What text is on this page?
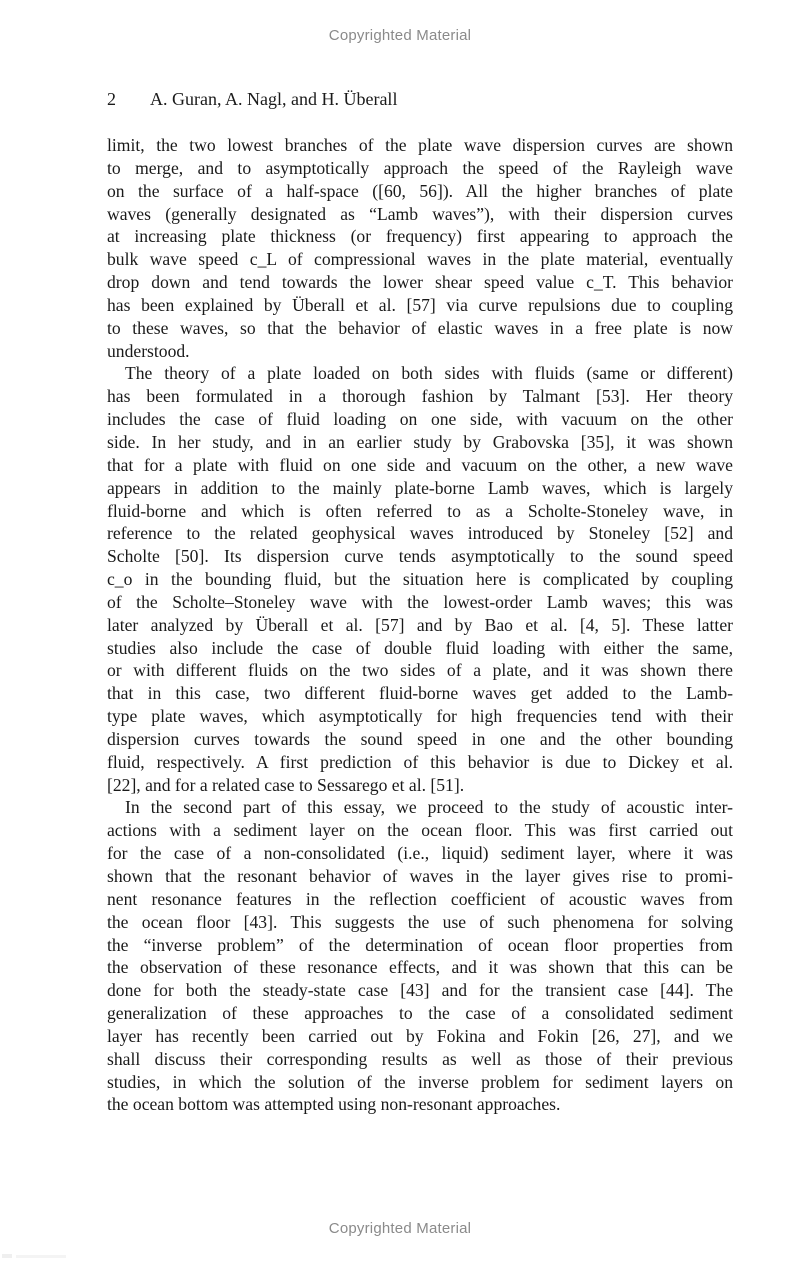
Copyrighted Material
2 A. Guran, A. Nagl, and H. Überall
limit, the two lowest branches of the plate wave dispersion curves are shown
to merge, and to asymptotically approach the speed of the Rayleigh wave
on the surface of a half-space ([60, 56]). All the higher branches of plate
waves (generally designated as “Lamb waves”), with their dispersion curves
at increasing plate thickness (or frequency) first appearing to approach the
bulk wave speed c_L of compressional waves in the plate material, eventually
drop down and tend towards the lower shear speed value c_T. This behavior
has been explained by Überall et al. [57] via curve repulsions due to coupling
to these waves, so that the behavior of elastic waves in a free plate is now
understood.
The theory of a plate loaded on both sides with fluids (same or different)
has been formulated in a thorough fashion by Talmant [53]. Her theory
includes the case of fluid loading on one side, with vacuum on the other
side. In her study, and in an earlier study by Grabovska [35], it was shown
that for a plate with fluid on one side and vacuum on the other, a new wave
appears in addition to the mainly plate-borne Lamb waves, which is largely
fluid-borne and which is often referred to as a Scholte-Stoneley wave, in
reference to the related geophysical waves introduced by Stoneley [52] and
Scholte [50]. Its dispersion curve tends asymptotically to the sound speed
c_o in the bounding fluid, but the situation here is complicated by coupling
of the Scholte–Stoneley wave with the lowest-order Lamb waves; this was
later analyzed by Überall et al. [57] and by Bao et al. [4, 5]. These latter
studies also include the case of double fluid loading with either the same,
or with different fluids on the two sides of a plate, and it was shown there
that in this case, two different fluid-borne waves get added to the Lamb-
type plate waves, which asymptotically for high frequencies tend with their
dispersion curves towards the sound speed in one and the other bounding
fluid, respectively. A first prediction of this behavior is due to Dickey et al.
[22], and for a related case to Sessarego et al. [51].
In the second part of this essay, we proceed to the study of acoustic inter-
actions with a sediment layer on the ocean floor. This was first carried out
for the case of a non-consolidated (i.e., liquid) sediment layer, where it was
shown that the resonant behavior of waves in the layer gives rise to promi-
nent resonance features in the reflection coefficient of acoustic waves from
the ocean floor [43]. This suggests the use of such phenomena for solving
the “inverse problem” of the determination of ocean floor properties from
the observation of these resonance effects, and it was shown that this can be
done for both the steady-state case [43] and for the transient case [44]. The
generalization of these approaches to the case of a consolidated sediment
layer has recently been carried out by Fokina and Fokin [26, 27], and we
shall discuss their corresponding results as well as those of their previous
studies, in which the solution of the inverse problem for sediment layers on
the ocean bottom was attempted using non-resonant approaches.
Copyrighted Material
